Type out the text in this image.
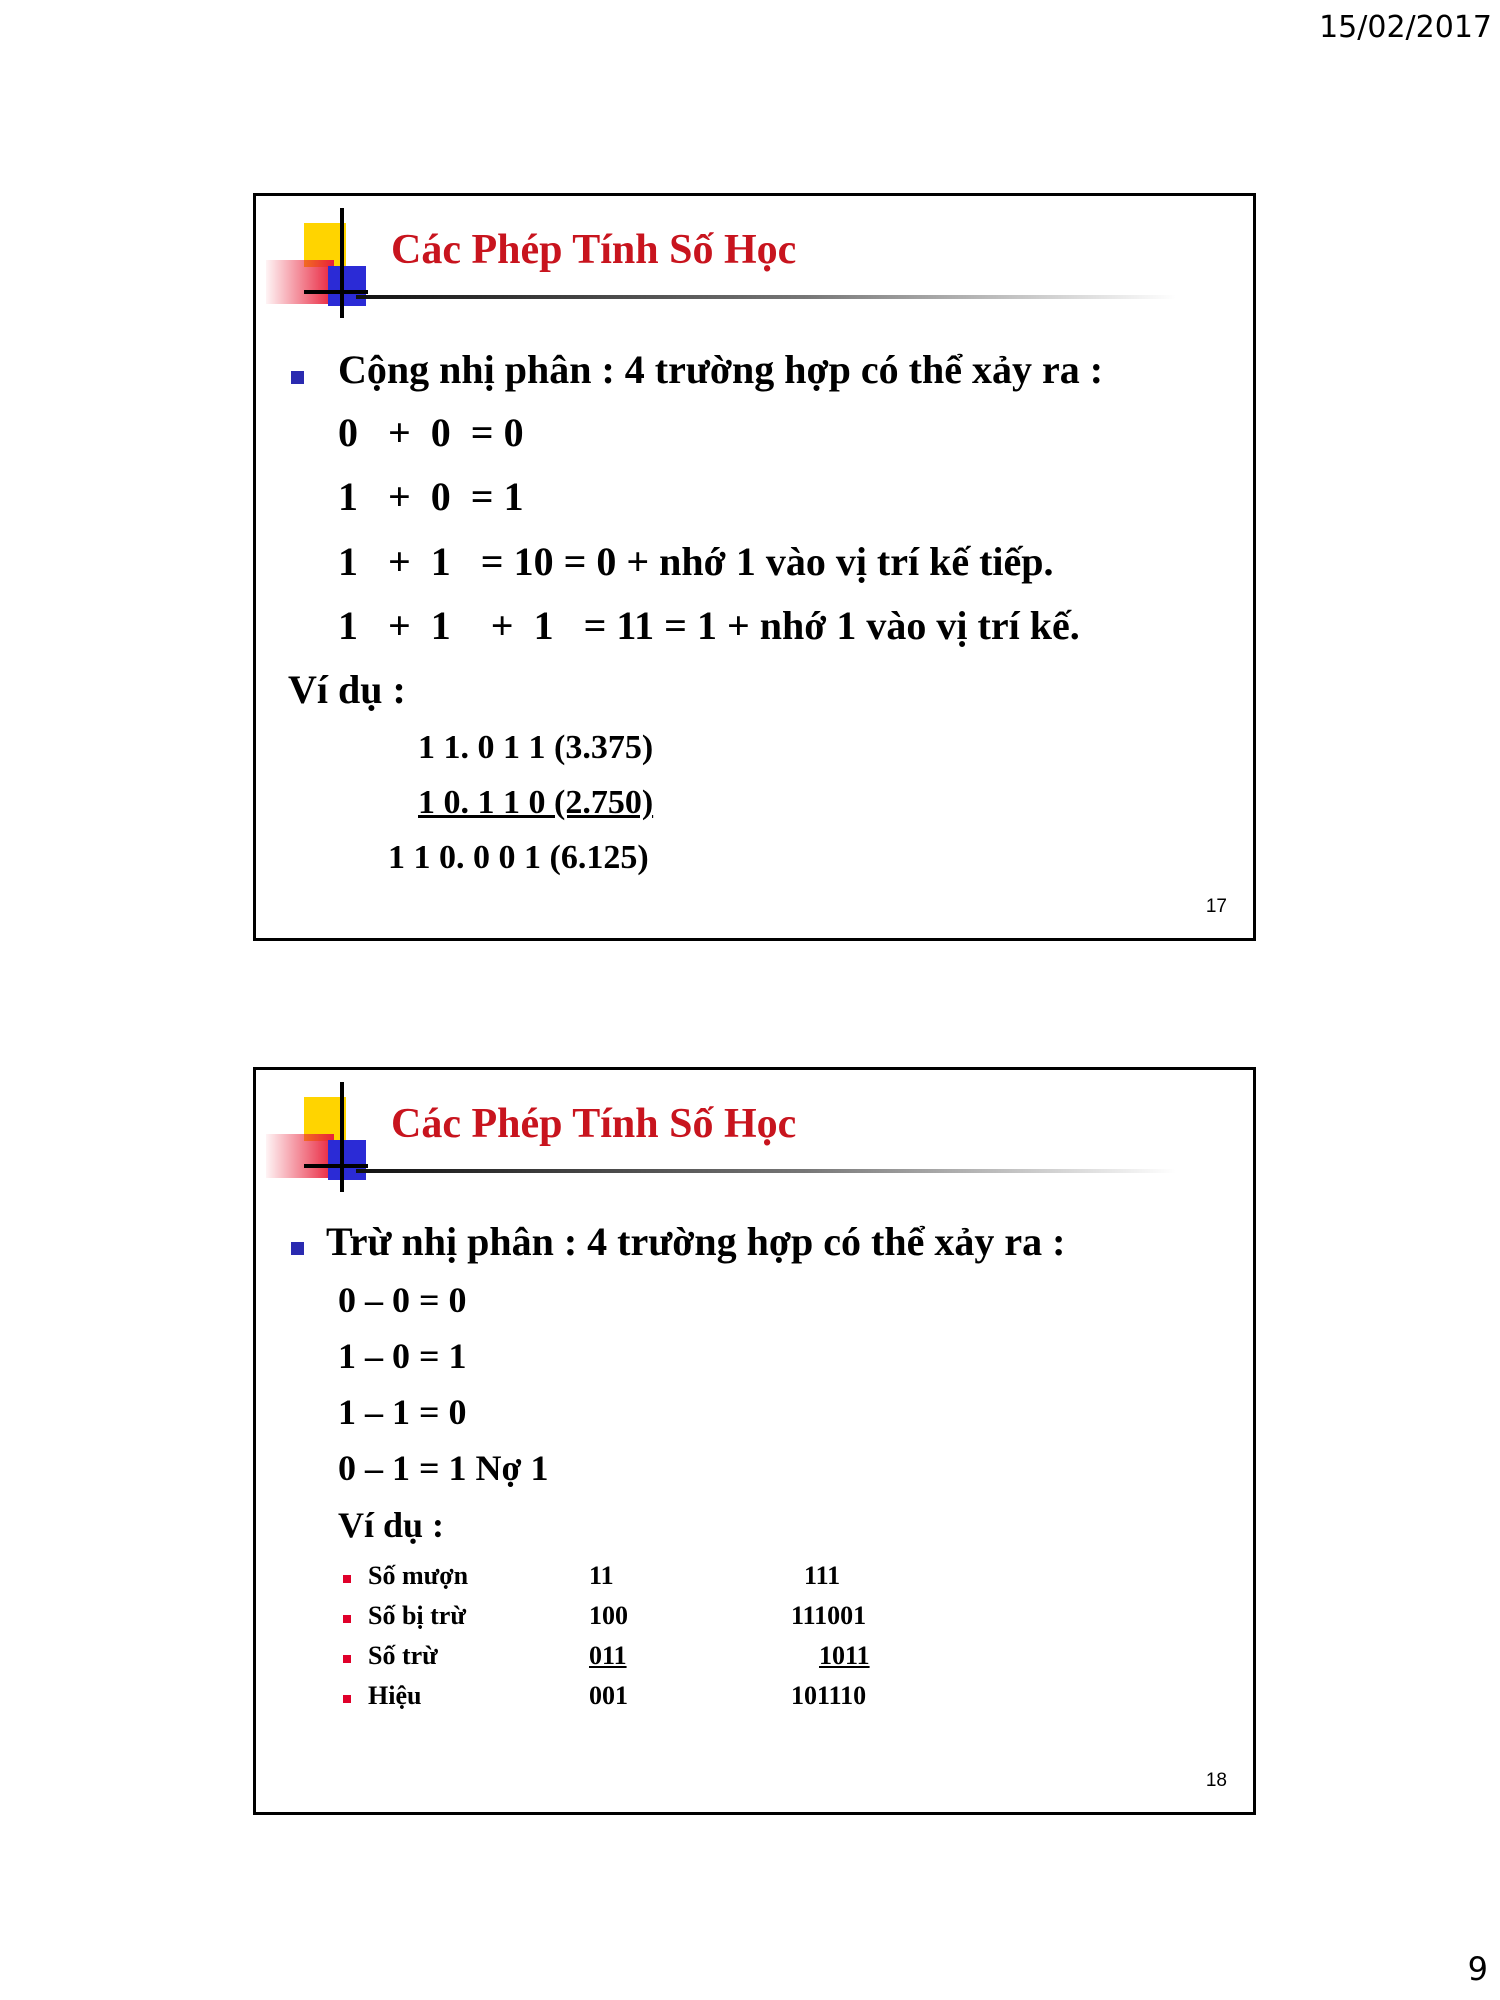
15/02/2017
Các Phép Tính Số Học
Cộng nhị phân : 4 trường hợp có thể xảy ra :
0   +  0  = 0
1   +  0  = 1
1   +  1   = 10 = 0 + nhớ 1 vào vị trí kế tiếp.
1   +  1    +  1   = 11 = 1 + nhớ 1 vào vị trí kế.
Ví dụ :
1 1. 0 1 1 (3.375)
1 0. 1 1 0 (2.750)
1 1 0. 0 0 1 (6.125)
17
Các Phép Tính Số Học
Trừ nhị phân : 4 trường hợp có thể xảy ra :
0 – 0 = 0
1 – 0 = 1
1 – 1 = 0
0 – 1 = 1 Nợ 1
Ví dụ :
Số mượn	11	111
Số bị trừ	100	111001
Số trừ	011	1011
Hiệu	001	101110
18
9
